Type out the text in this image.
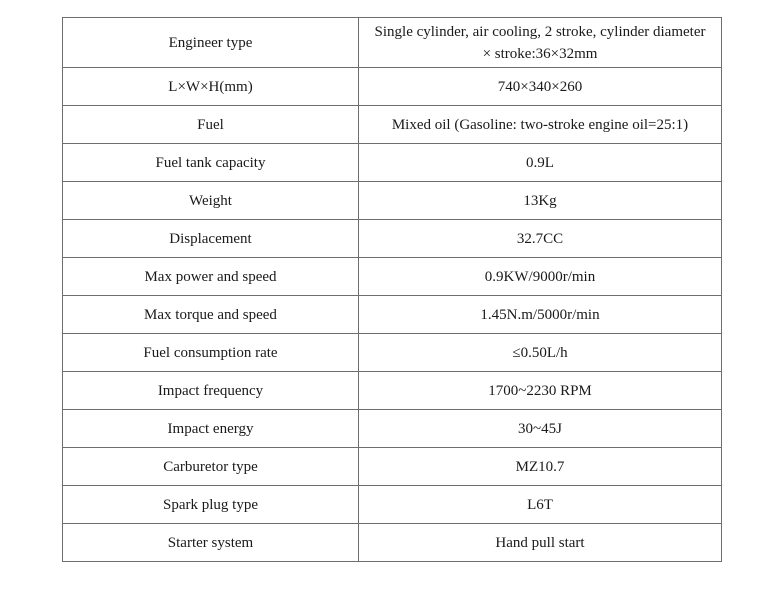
Engineer type	Single cylinder, air cooling, 2 stroke, cylinder diameter × stroke:36×32mm
L×W×H(mm)	740×340×260
Fuel	Mixed oil (Gasoline: two-stroke engine oil=25:1)
Fuel tank capacity	0.9L
Weight	13Kg
Displacement	32.7CC
Max power and speed	0.9KW/9000r/min
Max torque and speed	1.45N.m/5000r/min
Fuel consumption rate	≤0.50L/h
Impact frequency	1700~2230 RPM
Impact energy	30~45J
Carburetor type	MZ10.7
Spark plug type	L6T
Starter system	Hand pull start
